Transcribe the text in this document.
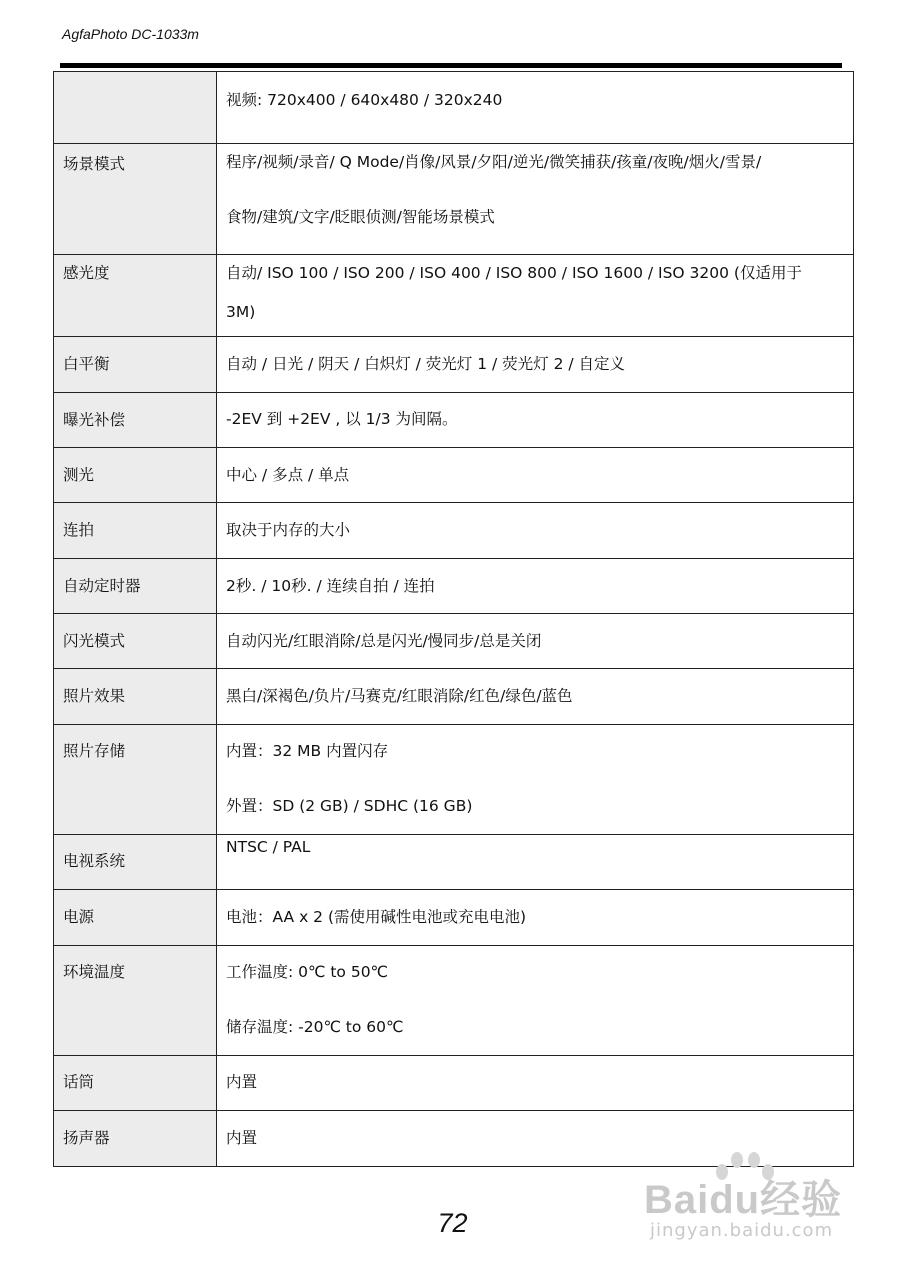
AgfaPhoto DC-1033m

	视频: 720x400 / 640x480 / 320x240

场景模式	程序/视频/录音/ Q Mode/肖像/风景/夕阳/逆光/微笑捕获/孩童/夜晚/烟火/雪景/
食物/建筑/文字/眨眼侦测/智能场景模式

感光度	自动/ ISO 100 / ISO 200 / ISO 400 / ISO 800 / ISO 1600 / ISO 3200 (仅适用于
3M)

白平衡	自动 / 日光 / 阴天 / 白炽灯 / 荧光灯 1 / 荧光灯 2 / 自定义

曝光补偿	-2EV 到 +2EV , 以 1/3 为间隔。

测光	中心 / 多点 / 单点

连拍	取决于内存的大小

自动定时器	2秒. / 10秒. / 连续自拍 / 连拍

闪光模式	自动闪光/红眼消除/总是闪光/慢同步/总是关闭

照片效果	黑白/深褐色/负片/马赛克/红眼消除/红色/绿色/蓝色

照片存储	内置：32 MB 内置闪存
外置：SD (2 GB) / SDHC (16 GB)

电视系统	NTSC / PAL

电源	电池：AA x 2 (需使用碱性电池或充电电池)

环境温度	工作温度: 0℃ to 50℃
储存温度: -20℃ to 60℃

话筒	内置

扬声器	内置
72
Baidu经验
jingyan.baidu.com
